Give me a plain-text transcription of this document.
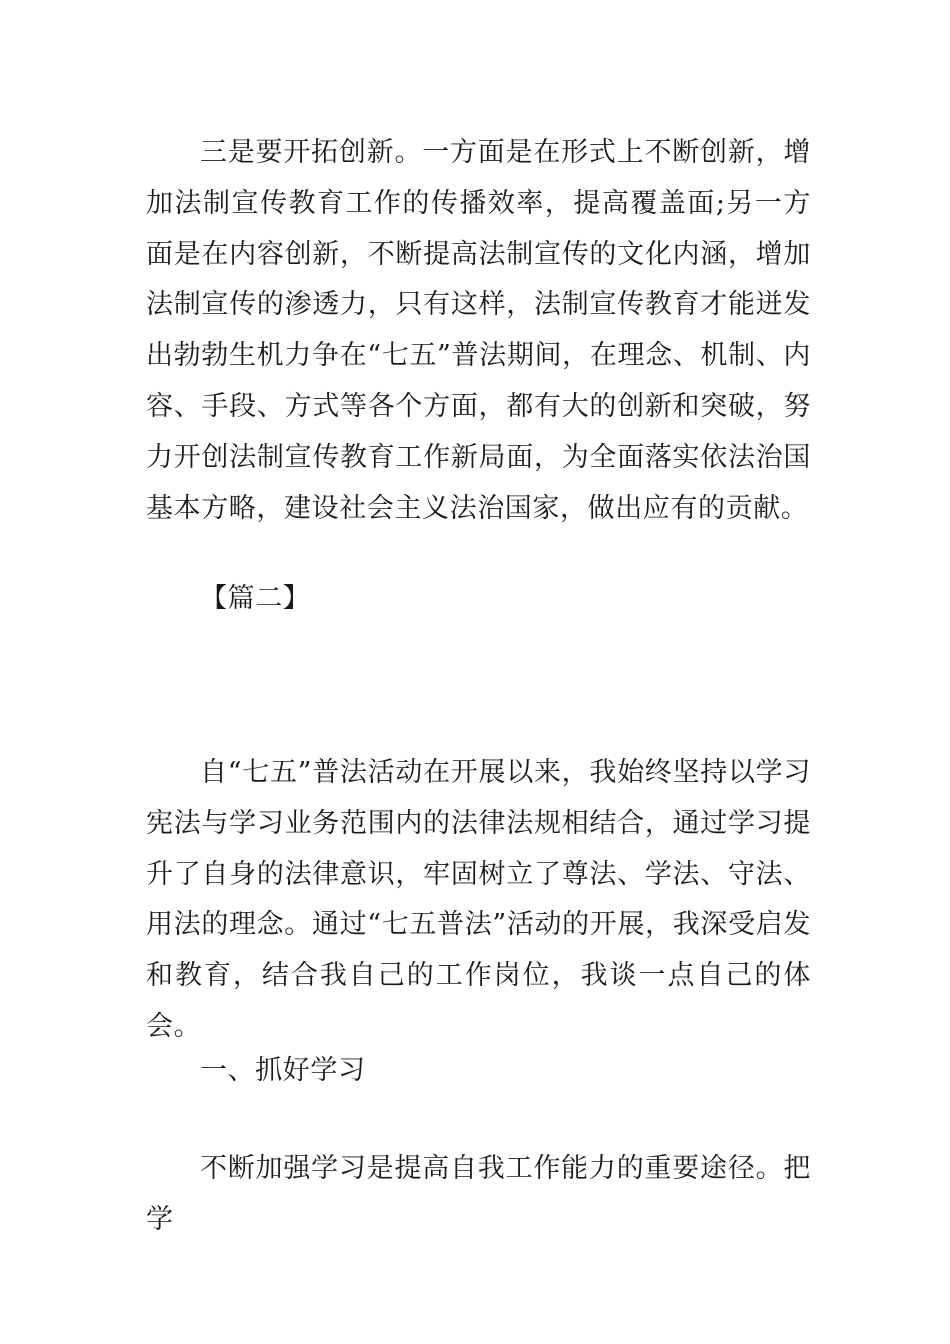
三是要开拓创新。一方面是在形式上不断创新，增加法制宣传教育工作的传播效率，提高覆盖面;另一方面是在内容创新，不断提高法制宣传的文化内涵，增加法制宣传的渗透力，只有这样，法制宣传教育才能迸发出勃勃生机力争在“七五”普法期间，在理念、机制、内容、手段、方式等各个方面，都有大的创新和突破，努力开创法制宣传教育工作新局面，为全面落实依法治国基本方略，建设社会主义法治国家，做出应有的贡献。

【篇二】

自“七五”普法活动在开展以来，我始终坚持以学习宪法与学习业务范围内的法律法规相结合，通过学习提升了自身的法律意识，牢固树立了尊法、学法、守法、用法的理念。通过“七五普法”活动的开展，我深受启发和教育，结合我自己的工作岗位，我谈一点自己的体会。

一、抓好学习

不断加强学习是提高自我工作能力的重要途径。把学
